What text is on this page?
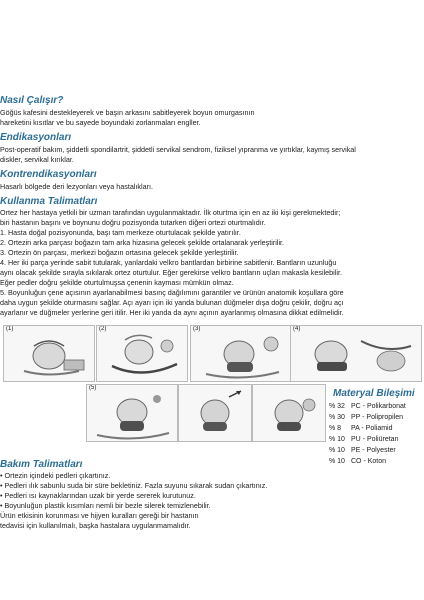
Nasıl Çalışır?
Göğüs kafesini destekleyerek ve başın arkasını sabitleyerek boyun omurgasının
hareketini kısıtlar ve bu sayede boyundaki zorlanmaları engller.
Endikasyonları
Post-operatif bakım, şiddetli spondilartrit, şiddetli servikal sendrom, fiziksel yıpranma ve yırtıklar, kaymış servikal
diskler, servikal kırıklar.
Kontrendikasyonları
Hasarlı bölgede deri lezyonları veya hastalıkları.
Kullanma Talimatları
Ortez her hastaya yetkili bir uzman tarafından uygulanmaktadır. İlk oturtma için en az iki kişi gerekmektedir;
biri hastanın başını ve boynunu doğru pozisyonda tutarken diğeri ortezi oturtmalıdır.
1. Hasta doğal pozisyonunda, başı tam merkeze oturtulacak şekilde yatırılır.
2. Ortezin arka parçası boğazın tam arka hizasına gelecek şekilde ortalanarak yerleştirilir.
3. Ortezin ön parçası, merkezi boğazın ortasına gelecek şekilde yerleştirilir.
4. Her iki parça yerinde sabit tutularak, yanlardaki velkro bantlardan birbirine sabitlenir. Bantların uzunluğu
aynı olacak şekilde sırayla sıkılarak ortez oturtulur. Eğer gerekirse velkro bantların uçları makasla kesilebilir.
Eğer pedler doğru şekilde oturtulmuşsa çenenin kayması mümkün olmaz.
5. Boyunluğun çene açısının ayarlanabilmesi basınç dağılımını garantiler ve ürünün anatomik koşullara göre
daha uygun şekilde oturmasını sağlar. Açı ayarı için iki yanda bulunan düğmeler dışa doğru çekilir, doğru açı
ayarlanır ve düğmeler yerlerine geri itilir. Her iki yanda da aynı açının ayarlanmış olmasına dikkat edilmelidir.
(1)	(2)	(3)	(4)
(5)	Materyal Bileşimi
% 32 PC - Polikarbonat
% 30 PP - Polipropilen
% 8 PA - Poliamid
% 10 PU - Poliüretan
% 10 PE - Polyester
% 10 CO - Koton
Bakım Talimatları
• Ortezin içindeki pedleri çıkartınız.
• Pedleri ılık sabunlu suda bir süre bekletiniz. Fazla suyunu sıkarak sudan çıkartınız.
• Pedleri ısı kaynaklarından uzak bir yerde sererek kurutunuz.
• Boyunluğun plastik kısımları nemli bir bezle silerek temizlenebilir.
Ürün etkisinin korunması ve hijyen kuralları gereği bir hastanın
tedavisi için kullanılmalı, başka hastalara uygulanmamalıdır.
